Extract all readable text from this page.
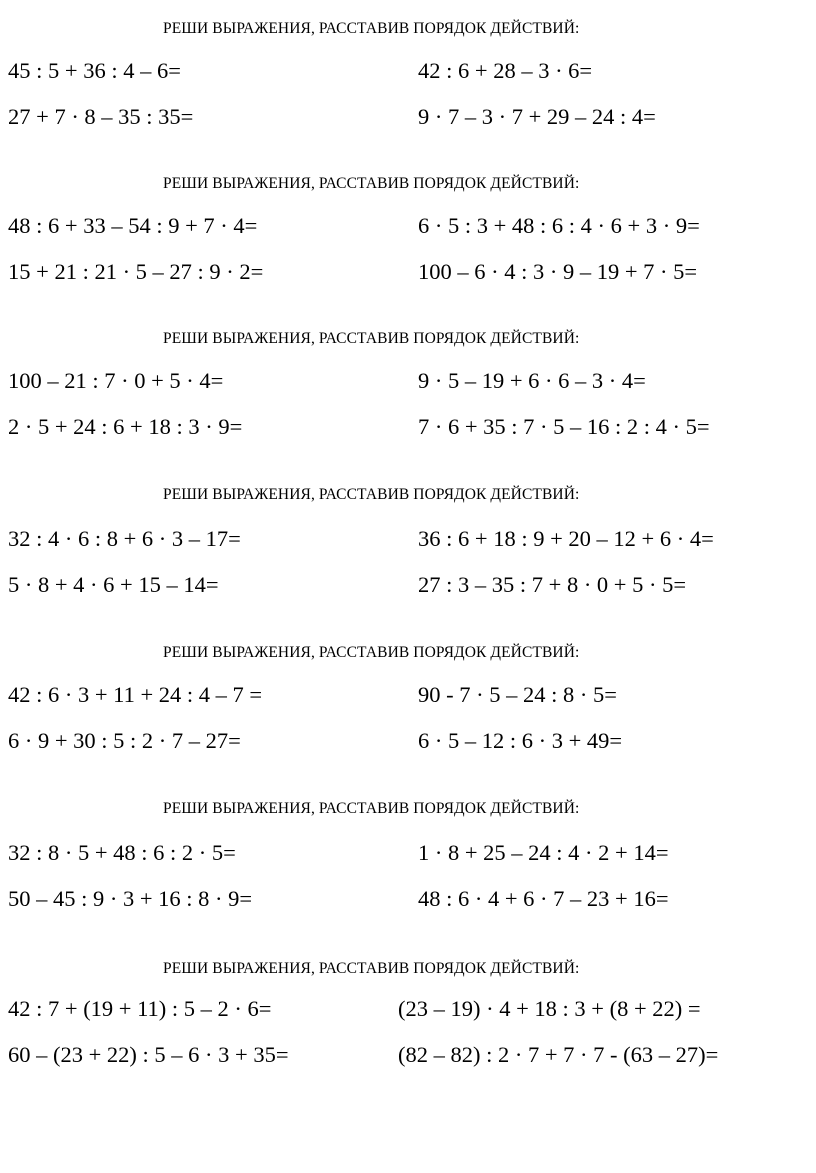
РЕШИ ВЫРАЖЕНИЯ, РАССТАВИВ ПОРЯДОК ДЕЙСТВИЙ:
45 : 5 + 36 : 4 – 6=	42 : 6 + 28 – 3 · 6=
27 + 7 · 8 – 35 : 35=	9 · 7 – 3 · 7 + 29 – 24 : 4=
РЕШИ ВЫРАЖЕНИЯ, РАССТАВИВ ПОРЯДОК ДЕЙСТВИЙ:
48 : 6 + 33 – 54 : 9 + 7 · 4=	6 · 5 : 3 + 48 : 6 : 4 · 6 + 3 · 9=
15 + 21 : 21 · 5 – 27 : 9 · 2=	100 – 6 · 4 : 3 · 9 – 19 + 7 · 5=
РЕШИ ВЫРАЖЕНИЯ, РАССТАВИВ ПОРЯДОК ДЕЙСТВИЙ:
100 – 21 : 7 · 0 + 5 · 4=	9 · 5 – 19 + 6 · 6 – 3 · 4=
2 · 5 + 24 : 6 + 18 : 3 · 9=	7 · 6 + 35 : 7 · 5 – 16 : 2 : 4 · 5=
РЕШИ ВЫРАЖЕНИЯ, РАССТАВИВ ПОРЯДОК ДЕЙСТВИЙ:
32 : 4 · 6 : 8 + 6 · 3 – 17=	36 : 6 + 18 : 9 + 20 – 12 + 6 · 4=
5 · 8 + 4 · 6 + 15 – 14=	27 : 3 – 35 : 7 + 8 · 0 + 5 · 5=
РЕШИ ВЫРАЖЕНИЯ, РАССТАВИВ ПОРЯДОК ДЕЙСТВИЙ:
42 : 6 · 3 + 11 + 24 : 4 – 7 =	90 - 7 · 5 – 24 : 8 · 5=
6 · 9 + 30 : 5 : 2 · 7 – 27=	6 · 5 – 12 : 6 · 3 + 49=
РЕШИ ВЫРАЖЕНИЯ, РАССТАВИВ ПОРЯДОК ДЕЙСТВИЙ:
32 : 8 · 5 + 48 : 6 : 2 · 5=	1 · 8 + 25 – 24 : 4 · 2 + 14=
50 – 45 : 9 · 3 + 16 : 8 · 9=	48 : 6 · 4 + 6 · 7 – 23 + 16=
РЕШИ ВЫРАЖЕНИЯ, РАССТАВИВ ПОРЯДОК ДЕЙСТВИЙ:
42 : 7 + (19 + 11) : 5 – 2 · 6=	(23 – 19) · 4 + 18 : 3 + (8 + 22) =
60 – (23 + 22) : 5 – 6 · 3 + 35=	(82 – 82) : 2 · 7 + 7 · 7 - (63 – 27)=
